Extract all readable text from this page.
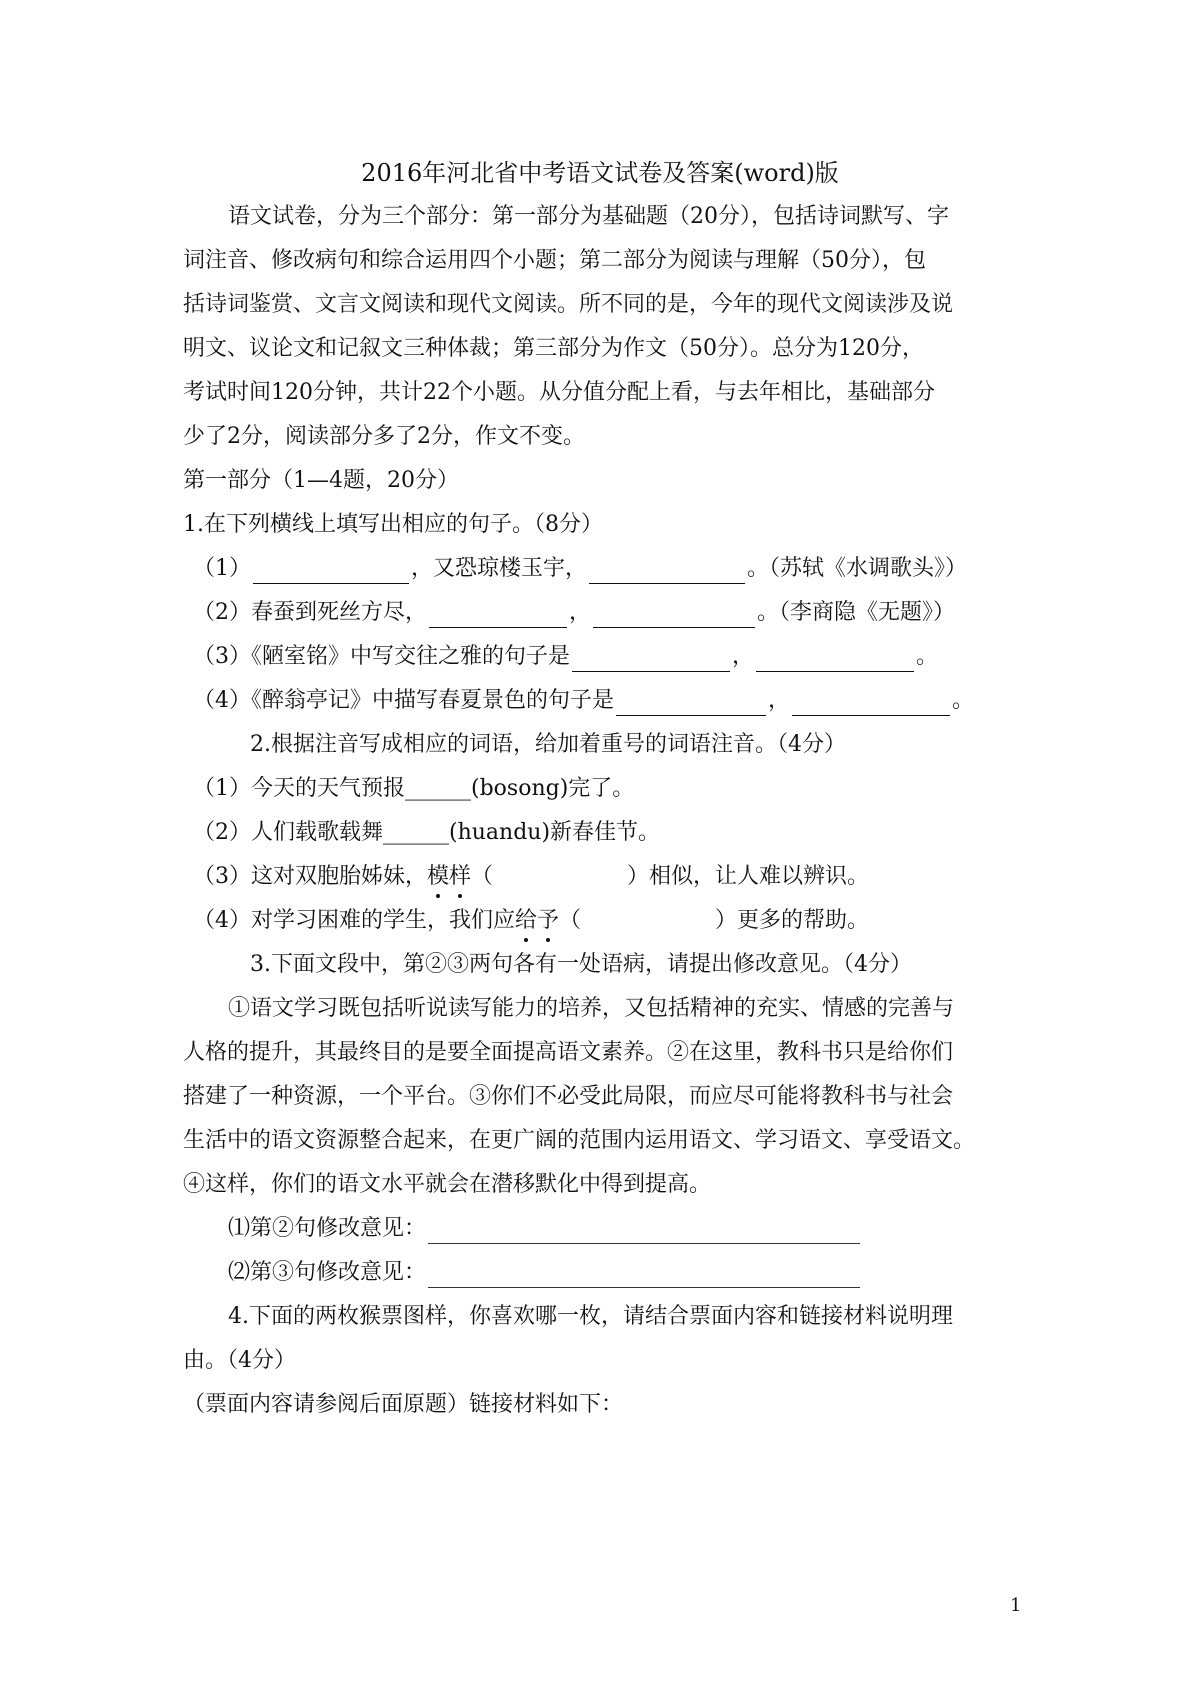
2016年河北省中考语文试卷及答案(word)版
语文试卷，分为三个部分：第一部分为基础题（20分），包括诗词默写、字
词注音、修改病句和综合运用四个小题；第二部分为阅读与理解（50分），包
括诗词鉴赏、文言文阅读和现代文阅读。所不同的是，今年的现代文阅读涉及说
明文、议论文和记叙文三种体裁；第三部分为作文（50分）。总分为120分，
考试时间120分钟，共计22个小题。从分值分配上看，与去年相比，基础部分
少了2分，阅读部分多了2分，作文不变。
第一部分（1—4题，20分）
1.在下列横线上填写出相应的句子。（8分）
（1）	，又恐琼楼玉宇，	。（苏轼《水调歌头》）
（2）春蚕到死丝方尽，	，	。（李商隐《无题》）
（3）《陋室铭》中写交往之雅的句子是	，	。
（4）《醉翁亭记》中描写春夏景色的句子是	，	。
2.根据注音写成相应的词语，给加着重号的词语注音。（4分）
（1）今天的天气预报______(bosong)完了。
（2）人们载歌载舞______(huandu)新春佳节。
（3）这对双胞胎姊妹，模样（	）相似，让人难以辨识。
（4）对学习困难的学生，我们应给予（	）更多的帮助。
3.下面文段中，第②③两句各有一处语病，请提出修改意见。（4分）
①语文学习既包括听说读写能力的培养，又包括精神的充实、情感的完善与
人格的提升，其最终目的是要全面提高语文素养。②在这里，教科书只是给你们
搭建了一种资源，一个平台。③你们不必受此局限，而应尽可能将教科书与社会
生活中的语文资源整合起来，在更广阔的范围内运用语文、学习语文、享受语文。
④这样，你们的语文水平就会在潜移默化中得到提高。
⑴第②句修改意见：
⑵第③句修改意见：
4.下面的两枚猴票图样，你喜欢哪一枚，请结合票面内容和链接材料说明理
由。（4分）
（票面内容请参阅后面原题）链接材料如下：
1
